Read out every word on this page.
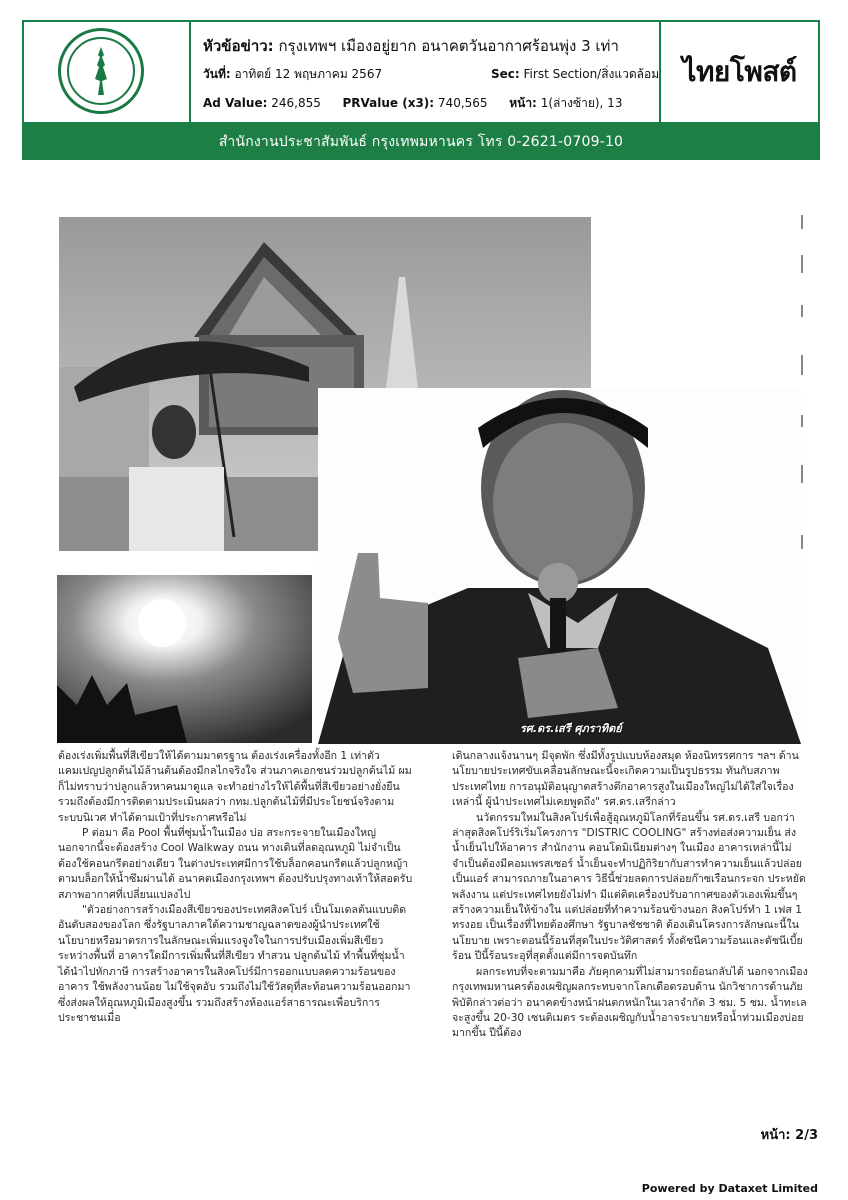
หัวข้อข่าว: กรุงเทพฯ เมืองอยู่ยาก อนาคตวันอากาศร้อนพุ่ง 3 เท่า
วันที่: อาทิตย์ 12 พฤษภาคม 2567	Sec: First Section/สิ่งแวดล้อม
Ad Value: 246,855 PRValue (x3): 740,565 หน้า: 1(ล่างซ้าย), 13
ไทยโพสต์
สำนักงานประชาสัมพันธ์ กรุงเทพมหานคร โทร 0-2621-0709-10
รศ.ดร.เสรี ศุภราทิตย์

ต้องเร่งเพิ่มพื้นที่สีเขียวให้ได้ตามมาตรฐาน ต้องเร่งเครื่องทั้งอีก 1 เท่าตัว แคมเปญปลูกต้นไม้ล้านต้นต้องมีกลไกจริงใจ ส่วนภาคเอกชนร่วมปลูกต้นไม้ ผมก็ไม่ทราบว่าปลูกแล้วหาคนมาดูแล จะทำอย่างไรให้ได้พื้นที่สีเขียวอย่างยั่งยืน รวมถึงต้องมีการติดตามประเมินผลว่า กทม.ปลูกต้นไม้ที่มีประโยชน์จริงตามระบบนิเวศ ทำได้ตามเป้าที่ประกาศหรือไม่

P ต่อมา คือ Pool พื้นที่ซุ่มน้ำในเมือง บ่อ สระกระจายในเมืองใหญ่ นอกจากนี้จะต้องสร้าง Cool Walkway ถนน ทางเดินที่ลดอุณหภูมิ ไม่จำเป็นต้องใช้คอนกรีตอย่างเดียว ในต่างประเทศมีการใช้บล็อกคอนกรีตแล้วปลูกหญ้าตามบล็อกให้น้ำซึมผ่านได้ อนาคตเมืองกรุงเทพฯ ต้องปรับปรุงทางเท้าให้สอดรับสภาพอากาศที่เปลี่ยนแปลงไป

"ตัวอย่างการสร้างเมืองสีเขียวของประเทศสิงคโปร์ เป็นโมเดลต้นแบบติดอันดับสองของโลก ซึ่งรัฐบาลภาคใต้ความชาญฉลาดของผู้นำประเทศใช้นโยบายหรือมาตรการในลักษณะเพิ่มแรงจูงใจในการปรับเมืองเพิ่มสีเขียวระหว่างพื้นที่ อาคารใดมีการเพิ่มพื้นที่สีเขียว ทำสวน ปลูกต้นไม้ ทำพื้นที่ซุ่มน้ำ ได้นำไปหักภาษี การสร้างอาคารในสิงคโปร์มีการออกแบบลดความร้อนของอาคาร ใช้พลังงานน้อย ไม่ใช้จุดอับ รวมถึงไม่ใช้วัสดุที่สะท้อนความร้อนออกมา ซึ่งส่งผลให้อุณหภูมิเมืองสูงขึ้น รวมถึงสร้างห้องแอร์สาธารณะเพื่อบริการประชาชนเมื่อ

เดินกลางแจ้งนานๆ มีจุดพัก ซึ่งมีทั้งรูปแบบห้องสมุด ห้องนิทรรศการ ฯลฯ ด้านนโยบายประเทศขับเคลื่อนลักษณะนี้จะเกิดความเป็นรูปธรรม ทันกับสภาพประเทศไทย การอนุมัติอนุญาตสร้างตึกอาคารสูงในเมืองใหญ่ไม่ได้ใส่ใจเรื่องเหล่านี้ ผู้นำประเทศไม่เคยพูดถึง" รศ.ดร.เสรีกล่าว

นวัตกรรมใหม่ในสิงคโปร์เพื่อสู้อุณหภูมิโลกที่ร้อนขึ้น รศ.ดร.เสรี บอกว่า ล่าสุดสิงคโปร์ริเริ่มโครงการ "DISTRIC COOLING" สร้างท่อส่งความเย็น ส่งน้ำเย็นไปให้อาคาร สำนักงาน คอนโดมิเนียมต่างๆ ในเมือง อาคารเหล่านี้ไม่จำเป็นต้องมีคอมเพรสเซอร์ น้ำเย็นจะทำปฏิกิริยากับสารทำความเย็นแล้วปล่อยเป็นแอร์ สามารถภายในอาคาร วิธีนี้ช่วยลดการปล่อยก๊าซเรือนกระจก ประหยัดพลังงาน แต่ประเทศไทยยังไม่ทำ มีแต่ติดเครื่องปรับอากาศของตัวเองเพิ่มขึ้นๆ สร้างความเย็นให้ข้างใน แต่ปล่อยที่ทำความร้อนข้างนอก สิงคโปร์ทำ 1 เฟส 1 ทรงอย เป็นเรื่องที่ไทยต้องศึกษา รัฐบาลชัชชาติ ต้องเดินโครงการลักษณะนี้ในนโยบาย เพราะตอนนี้ร้อนที่สุดในประวัติศาสตร์ ทั้งดัชนีความร้อนและดัชนีเบี้ยร้อน ปีนี้ร้อนระอุที่สุดตั้งแต่มีการจดบันทึก

ผลกระทบที่จะตามมาคือ ภัยคุกคามที่ไม่สามารถย้อนกลับได้ นอกจากเมืองกรุงเทพมหานครต้องเผชิญผลกระทบจากโลกเดือดรอบด้าน นักวิชาการด้านภัยพิบัติกล่าวต่อว่า อนาคตข้างหน้าฝนตกหนักในเวลาจำกัด 3 ชม. 5 ชม. น้ำทะเลจะสูงขึ้น 20-30 เซนติเมตร ระต้องเผชิญกับน้ำอาจระบายหรือน้ำท่วมเมืองบ่อยมากขึ้น ปีนี้ต้อง

หน้า: 2/3
Powered by Dataxet Limited
